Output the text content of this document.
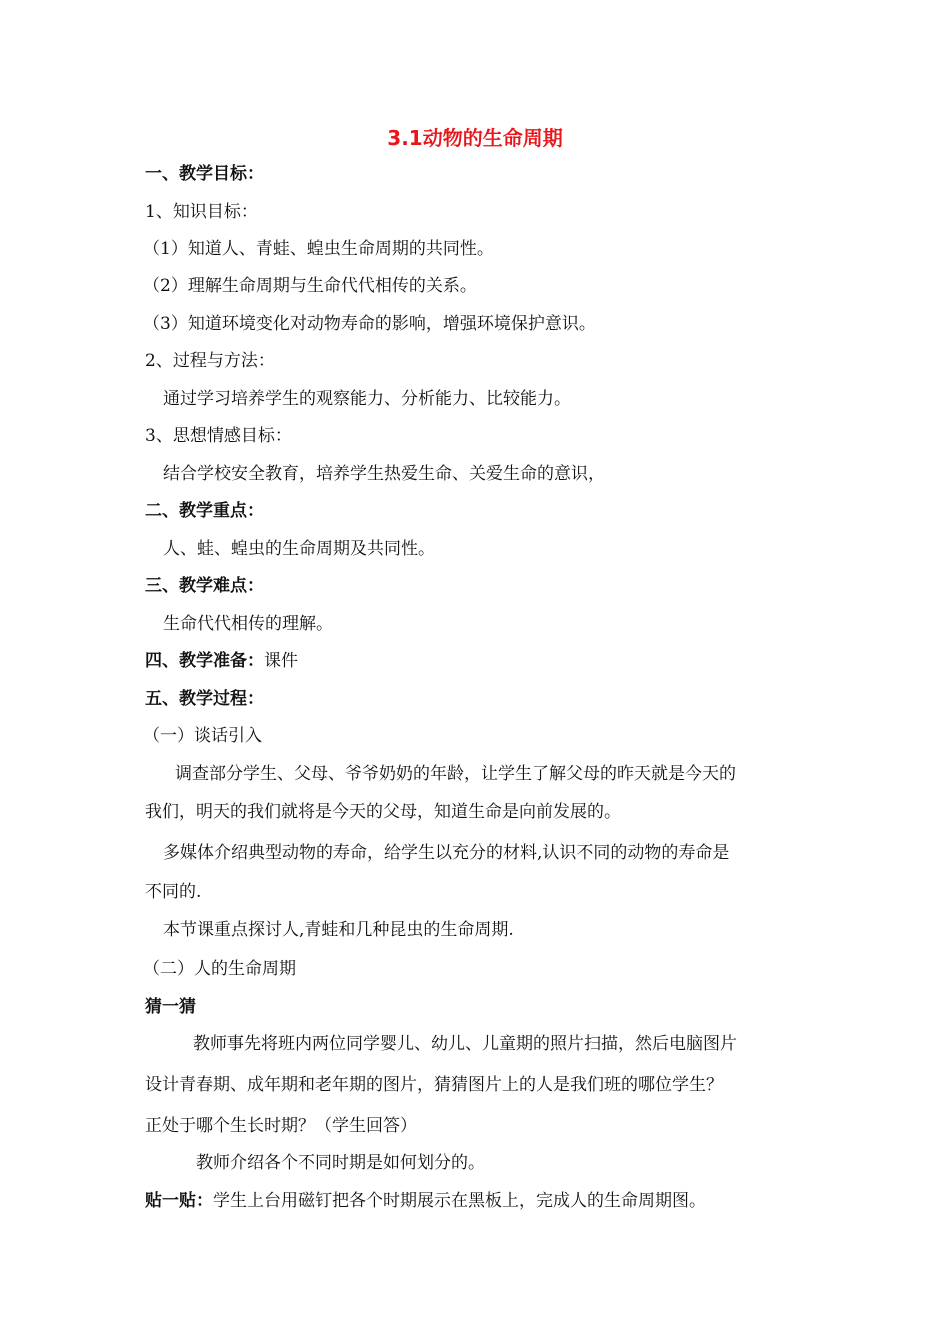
3.1动物的生命周期
一、教学目标：
1、知识目标：
（1）知道人、青蛙、蝗虫生命周期的共同性。
（2）理解生命周期与生命代代相传的关系。
（3）知道环境变化对动物寿命的影响，增强环境保护意识。
2、过程与方法：
通过学习培养学生的观察能力、分析能力、比较能力。
3、思想情感目标：
结合学校安全教育，培养学生热爱生命、关爱生命的意识，
二、教学重点：
人、蛙、蝗虫的生命周期及共同性。
三、教学难点：
生命代代相传的理解。
四、教学准备：课件
五、教学过程：
（一）谈话引入
调查部分学生、父母、爷爷奶奶的年龄，让学生了解父母的昨天就是今天的
我们，明天的我们就将是今天的父母，知道生命是向前发展的。
多媒体介绍典型动物的寿命，给学生以充分的材料,认识不同的动物的寿命是
不同的.
本节课重点探讨人,青蛙和几种昆虫的生命周期.
（二）人的生命周期
猜一猜
教师事先将班内两位同学婴儿、幼儿、儿童期的照片扫描，然后电脑图片
设计青春期、成年期和老年期的图片，猜猜图片上的人是我们班的哪位学生？
正处于哪个生长时期？（学生回答）
教师介绍各个不同时期是如何划分的。
贴一贴：学生上台用磁钉把各个时期展示在黑板上，完成人的生命周期图。
